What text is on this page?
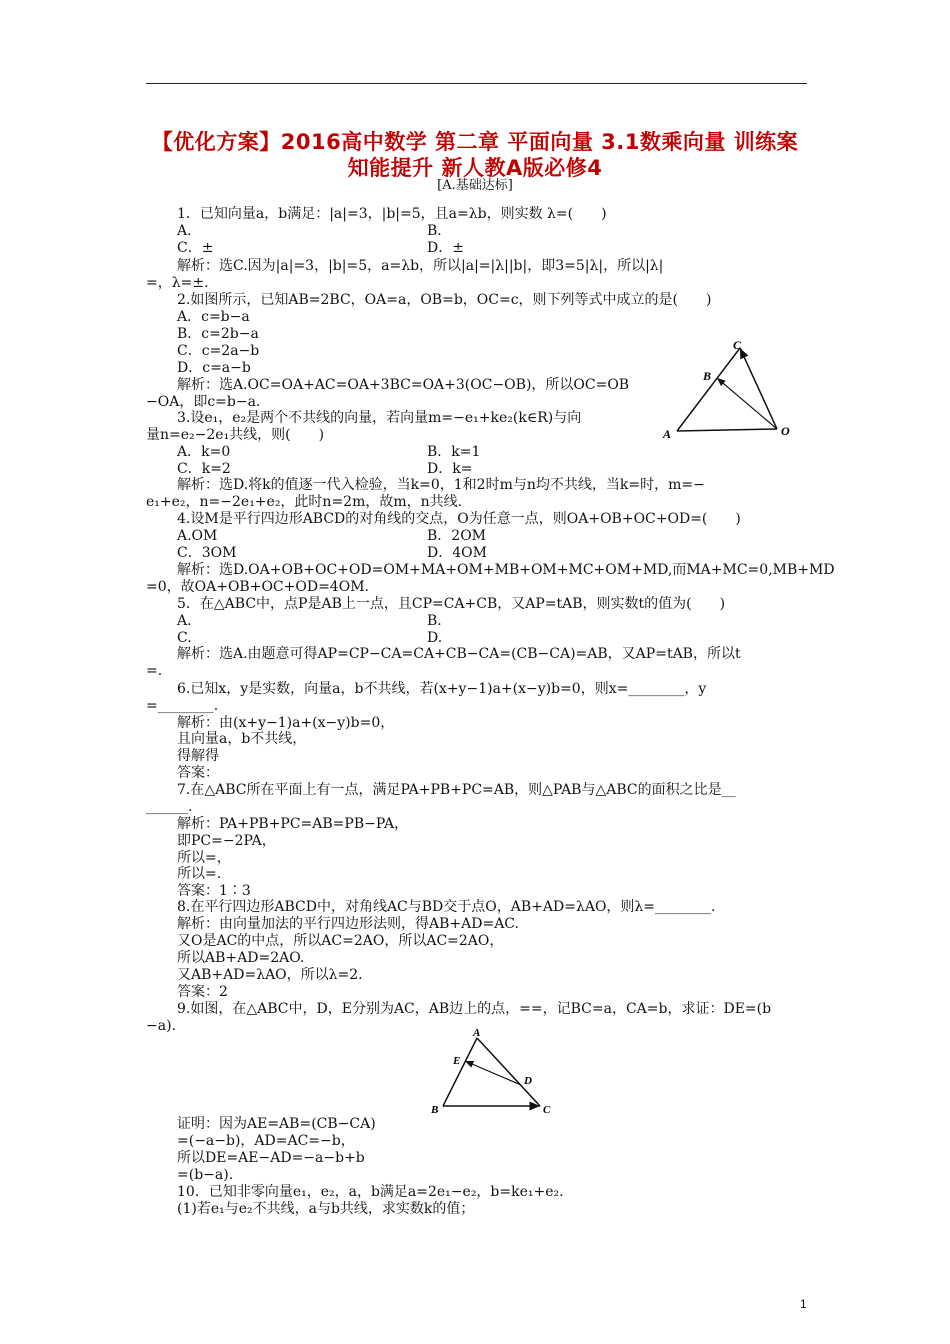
【优化方案】2016高中数学 第二章 平面向量 3.1数乘向量 训练案
知能提升 新人教A版必修4
[A.基础达标]
1．已知向量a，b满足：|a|=3，|b|=5，且a=λb，则实数 λ=(　　)
A.	B.
C．±	D．±
解析：选C.因为|a|=3，|b|=5，a=λb，所以|a|=|λ||b|，即3=5|λ|，所以|λ|
=，λ=±.
2.如图所示，已知AB=2BC，OA=a，OB=b，OC=c，则下列等式中成立的是(　　)
A．c=b−a
B．c=2b−a
C．c=2a−b
D．c=a−b
解析：选A.OC=OA+AC=OA+3BC=OA+3(OC−OB)，所以OC=OB
−OA，即c=b−a.
3.设e₁，e₂是两个不共线的向量，若向量m=−e₁+ke₂(k∈R)与向
量n=e₂−2e₁共线，则(　　)
A．k=0	B．k=1
C．k=2	D．k=
解析：选D.将k的值逐一代入检验，当k=0，1和2时m与n均不共线，当k=时，m=−
e₁+e₂，n=−2e₁+e₂，此时n=2m，故m，n共线.
4.设M是平行四边形ABCD的对角线的交点，O为任意一点，则OA+OB+OC+OD=(　　)
A.OM	B．2OM
C．3OM	D．4OM
解析：选D.OA+OB+OC+OD=OM+MA+OM+MB+OM+MC+OM+MD,而MA+MC=0,MB+MD
=0，故OA+OB+OC+OD=4OM.
5．在△ABC中，点P是AB上一点，且CP=CA+CB，又AP=tAB，则实数t的值为(　　)
A.	B.
C.	D.
解析：选A.由题意可得AP=CP−CA=CA+CB−CA=(CB−CA)=AB，又AP=tAB，所以t
=.
6.已知x，y是实数，向量a，b不共线，若(x+y−1)a+(x−y)b=0，则x=________，y
=________.
解析：由(x+y−1)a+(x−y)b=0，
且向量a，b不共线，
得解得
答案：
7.在△ABC所在平面上有一点，满足PA+PB+PC=AB，则△PAB与△ABC的面积之比是__
______.
解析：PA+PB+PC=AB=PB−PA，
即PC=−2PA，
所以=，
所以=.
答案：1∶3
8.在平行四边形ABCD中，对角线AC与BD交于点O，AB+AD=λAO，则λ=________.
解析：由向量加法的平行四边形法则，得AB+AD=AC.
又O是AC的中点，所以AC=2AO，所以AC=2AO，
所以AB+AD=2AO.
又AB+AD=λAO，所以λ=2.
答案：2
9.如图，在△ABC中，D，E分别为AC，AB边上的点，==，记BC=a，CA=b，求证：DE=(b
−a).
证明：因为AE=AB=(CB−CA)
=(−a−b)，AD=AC=−b，
所以DE=AE−AD=−a−b+b
=(b−a).
10．已知非零向量e₁，e₂，a，b满足a=2e₁−e₂，b=ke₁+e₂.
(1)若e₁与e₂不共线，a与b共线，求实数k的值；
C
B
A	O
A
E
D
B	C
1
